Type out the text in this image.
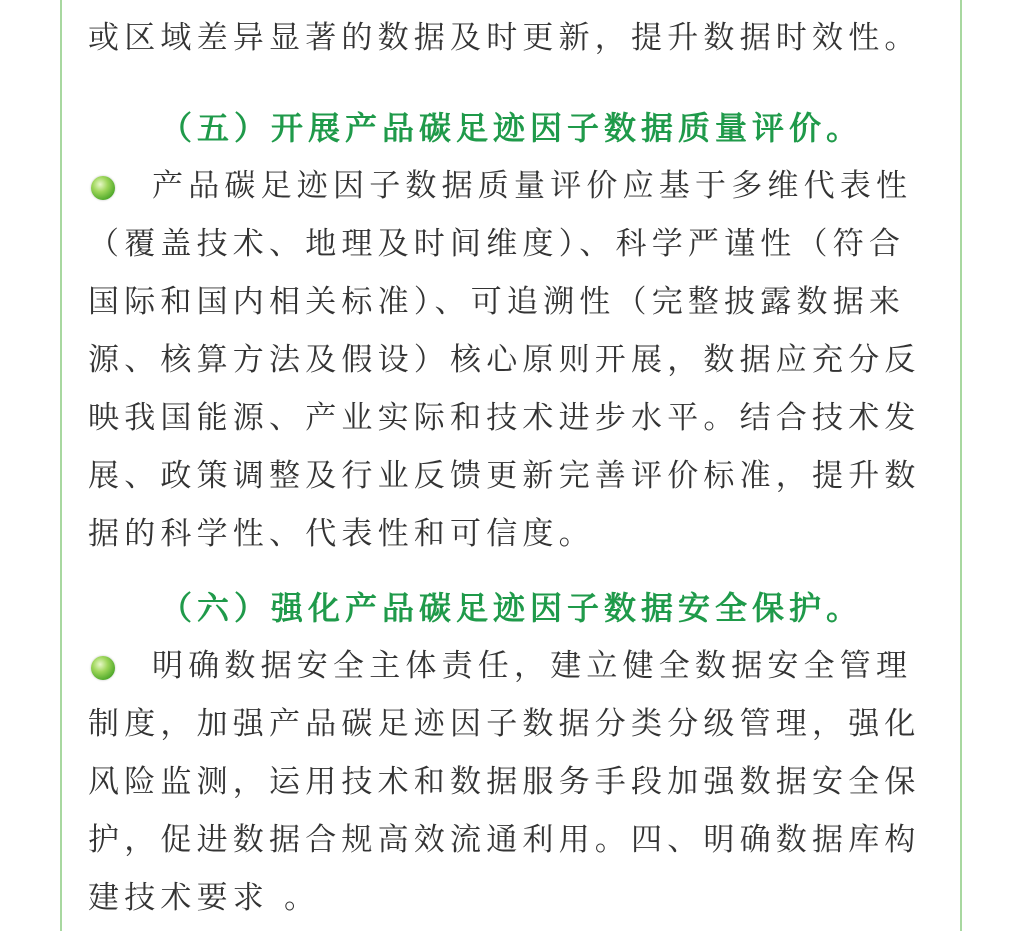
或区域差异显著的数据及时更新，提升数据时效性。
（五）开展产品碳足迹因子数据质量评价。
产品碳足迹因子数据质量评价应基于多维代表性
（覆盖技术、地理及时间维度）、科学严谨性（符合
国际和国内相关标准）、可追溯性（完整披露数据来
源、核算方法及假设）核心原则开展，数据应充分反
映我国能源、产业实际和技术进步水平。结合技术发
展、政策调整及行业反馈更新完善评价标准，提升数
据的科学性、代表性和可信度。
（六）强化产品碳足迹因子数据安全保护。
明确数据安全主体责任，建立健全数据安全管理
制度，加强产品碳足迹因子数据分类分级管理，强化
风险监测，运用技术和数据服务手段加强数据安全保
护，促进数据合规高效流通利用。四、明确数据库构
建技术要求 。
